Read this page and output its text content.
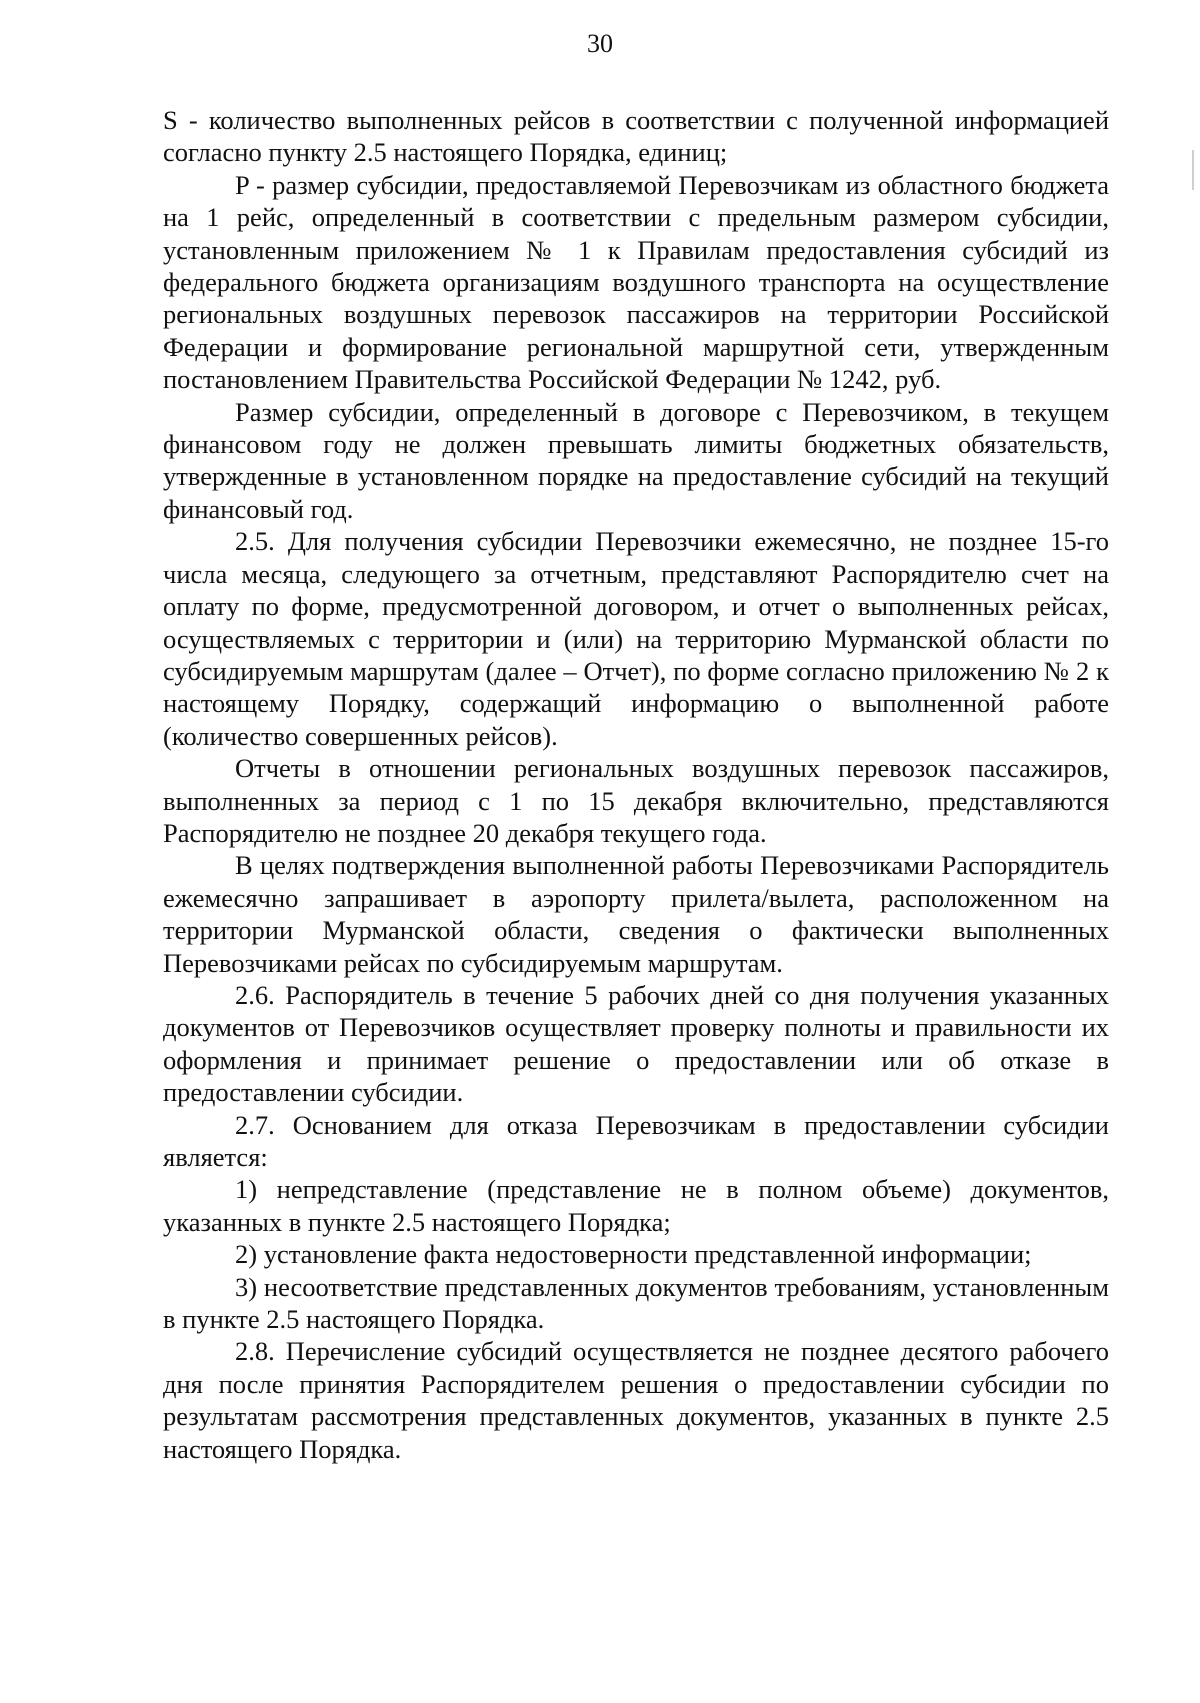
30

S - количество выполненных рейсов в соответствии с полученной информацией согласно пункту 2.5 настоящего Порядка, единиц;

P - размер субсидии, предоставляемой Перевозчикам из областного бюджета на 1 рейс, определенный в соответствии с предельным размером субсидии, установленным приложением № 1 к Правилам предоставления субсидий из федерального бюджета организациям воздушного транспорта на осуществление региональных воздушных перевозок пассажиров на территории Российской Федерации и формирование региональной маршрутной сети, утвержденным постановлением Правительства Российской Федерации № 1242, руб.

Размер субсидии, определенный в договоре с Перевозчиком, в текущем финансовом году не должен превышать лимиты бюджетных обязательств, утвержденные в установленном порядке на предоставление субсидий на текущий финансовый год.

2.5. Для получения субсидии Перевозчики ежемесячно, не позднее 15-го числа месяца, следующего за отчетным, представляют Распорядителю счет на оплату по форме, предусмотренной договором, и отчет о выполненных рейсах, осуществляемых с территории и (или) на территорию Мурманской области по субсидируемым маршрутам (далее – Отчет), по форме согласно приложению № 2 к настоящему Порядку, содержащий информацию о выполненной работе (количество совершенных рейсов).

Отчеты в отношении региональных воздушных перевозок пассажиров, выполненных за период с 1 по 15 декабря включительно, представляются Распорядителю не позднее 20 декабря текущего года.

В целях подтверждения выполненной работы Перевозчиками Распорядитель ежемесячно запрашивает в аэропорту прилета/вылета, расположенном на территории Мурманской области, сведения о фактически выполненных Перевозчиками рейсах по субсидируемым маршрутам.

2.6. Распорядитель в течение 5 рабочих дней со дня получения указанных документов от Перевозчиков осуществляет проверку полноты и правильности их оформления и принимает решение о предоставлении или об отказе в предоставлении субсидии.

2.7. Основанием для отказа Перевозчикам в предоставлении субсидии является:

1) непредставление (представление не в полном объеме) документов, указанных в пункте 2.5 настоящего Порядка;

2) установление факта недостоверности представленной информации;

3) несоответствие представленных документов требованиям, установленным в пункте 2.5 настоящего Порядка.

2.8. Перечисление субсидий осуществляется не позднее десятого рабочего дня после принятия Распорядителем решения о предоставлении субсидии по результатам рассмотрения представленных документов, указанных в пункте 2.5 настоящего Порядка.
